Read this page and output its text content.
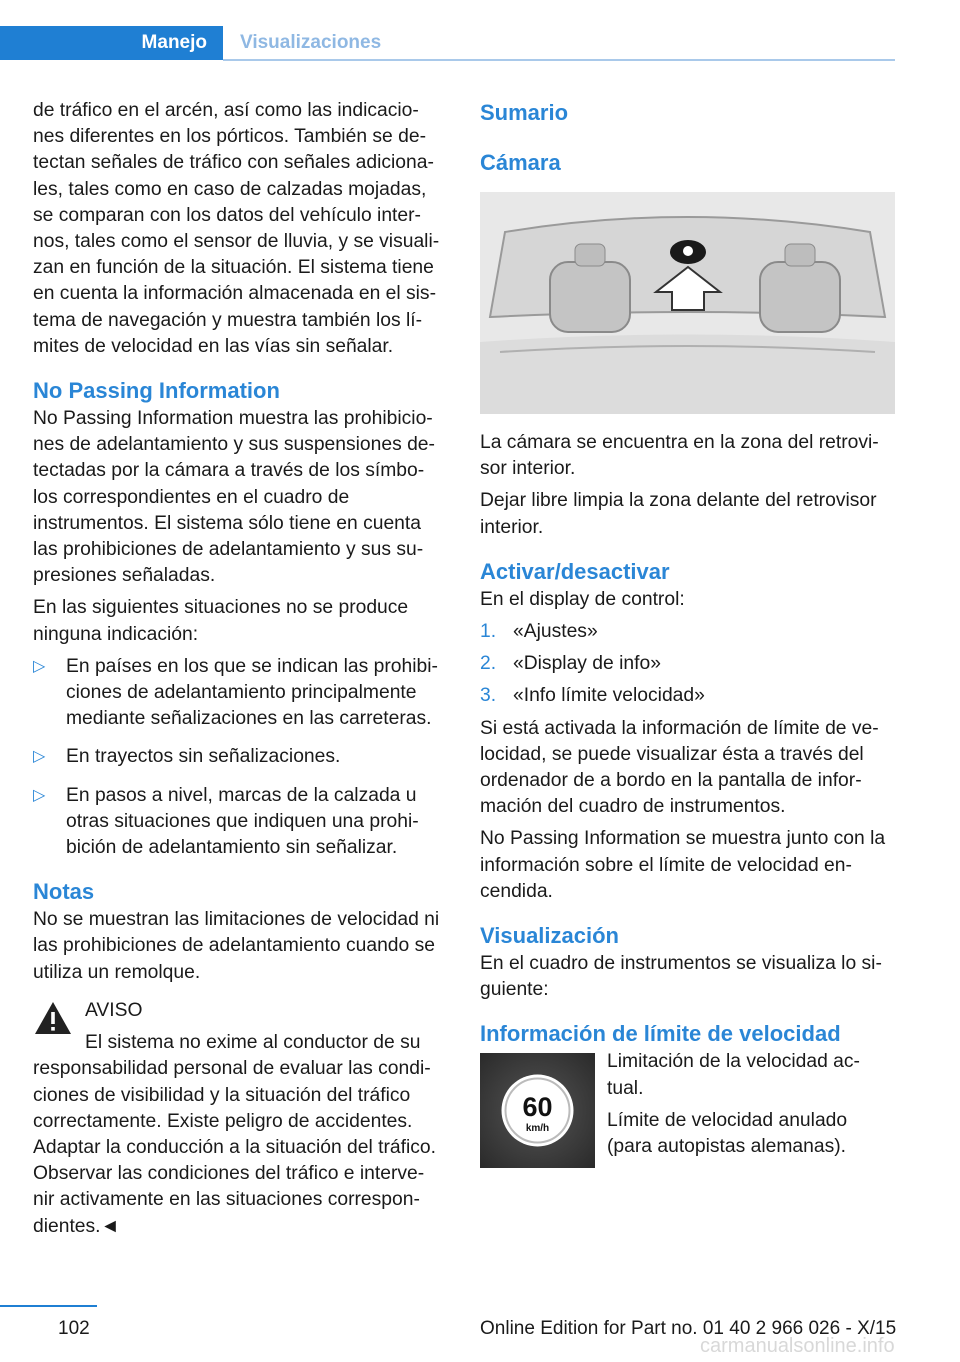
Manejo	Visualizaciones

de tráfico en el arcén, así como las indicacio‐ nes diferentes en los pórticos. También se de‐ tectan señales de tráfico con señales adiciona‐ les, tales como en caso de calzadas mojadas, se comparan con los datos del vehículo inter‐ nos, tales como el sensor de lluvia, y se visuali‐ zan en función de la situación. El sistema tiene en cuenta la información almacenada en el sis‐ tema de navegación y muestra también los lí‐ mites de velocidad en las vías sin señalar.

No Passing Information

No Passing Information muestra las prohibicio‐ nes de adelantamiento y sus suspensiones de‐ tectadas por la cámara a través de los símbo‐ los correspondientes en el cuadro de instrumentos. El sistema sólo tiene en cuenta las prohibiciones de adelantamiento y sus su‐ presiones señaladas.

En las siguientes situaciones no se produce ninguna indicación:

▷ En países en los que se indican las prohibi‐ ciones de adelantamiento principalmente mediante señalizaciones en las carreteras.
▷ En trayectos sin señalizaciones.
▷ En pasos a nivel, marcas de la calzada u otras situaciones que indiquen una prohi‐ bición de adelantamiento sin señalizar.
Notas

No se muestran las limitaciones de velocidad ni las prohibiciones de adelantamiento cuando se utiliza un remolque.

AVISO

El sistema no exime al conductor de su responsabilidad personal de evaluar las condi‐ ciones de visibilidad y la situación del tráfico correctamente. Existe peligro de accidentes. Adaptar la conducción a la situación del tráfico. Observar las condiciones del tráfico e interve‐ nir activamente en las situaciones correspon‐ dientes.◄

Sumario
Cámara

La cámara se encuentra en la zona del retrovi‐ sor interior.

Dejar libre limpia la zona delante del retrovisor interior.

Activar/desactivar

En el display de control:

1. «Ajustes»
2. «Display de info»
3. «Info límite velocidad»

Si está activada la información de límite de ve‐ locidad, se puede visualizar ésta a través del ordenador de a bordo en la pantalla de infor‐ mación del cuadro de instrumentos.

No Passing Information se muestra junto con la información sobre el límite de velocidad en‐ cendida.

Visualización

En el cuadro de instrumentos se visualiza lo si‐ guiente:

Información de límite de velocidad
60
km/h

Limitación de la velocidad ac‐ tual.

Límite de velocidad anulado (para autopistas alemanas).

102	Online Edition for Part no. 01 40 2 966 026 - X/15
carmanualsonline.info
